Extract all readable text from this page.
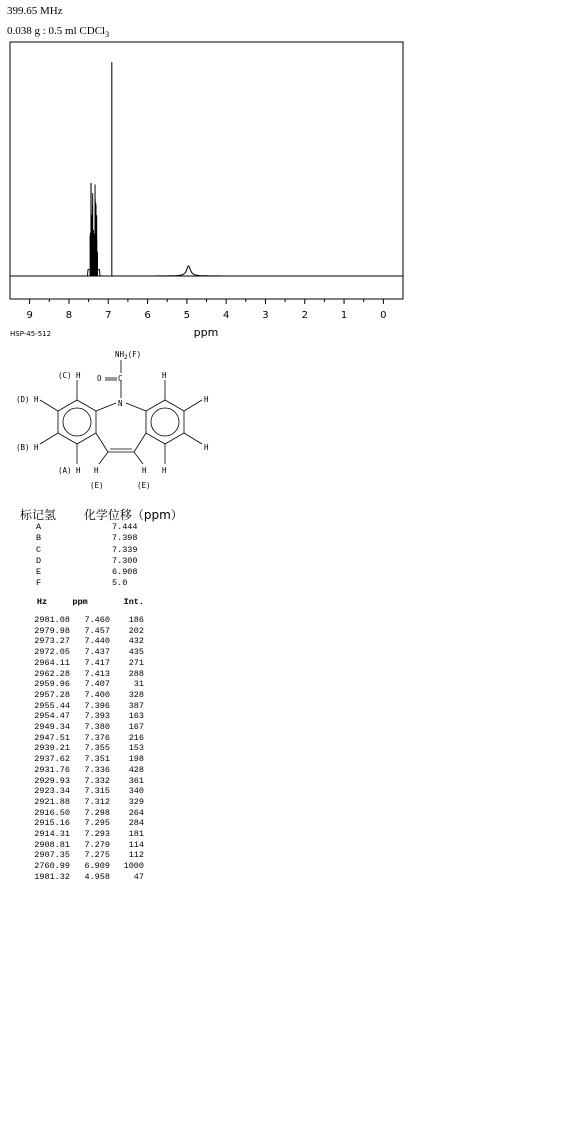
399.65 MHz
0.038 g : 0.5 ml CDCl$_3$
9	8	7	6	5	4	3	2	1	0
ppm
HSP-45-512
$NH_2(F)$
O C
N
(C) H
(D) H
(B) H
(A) H H	H
H
H
H
H
(E)	(E)
标记氢 化学位移（ppm）
A	7.444
B	7.398
C	7.339
D	7.300
E	6.908
F	5.0
Hz	ppm	Int.
2981.08	7.460	186
2979.98	7.457	202
2973.27	7.440	432
2972.05	7.437	435
2964.11	7.417	271
2962.28	7.413	288
2959.96	7.407	31
2957.28	7.400	328
2955.44	7.396	387
2954.47	7.393	163
2949.34	7.380	167
2947.51	7.376	216
2939.21	7.355	153
2937.62	7.351	198
2931.76	7.336	428
2929.93	7.332	361
2923.34	7.315	340
2921.88	7.312	329
2916.50	7.298	264
2915.16	7.295	284
2914.31	7.293	181
2908.81	7.279	114
2907.35	7.275	112
2760.99	6.909	1000
1981.32	4.958	47
